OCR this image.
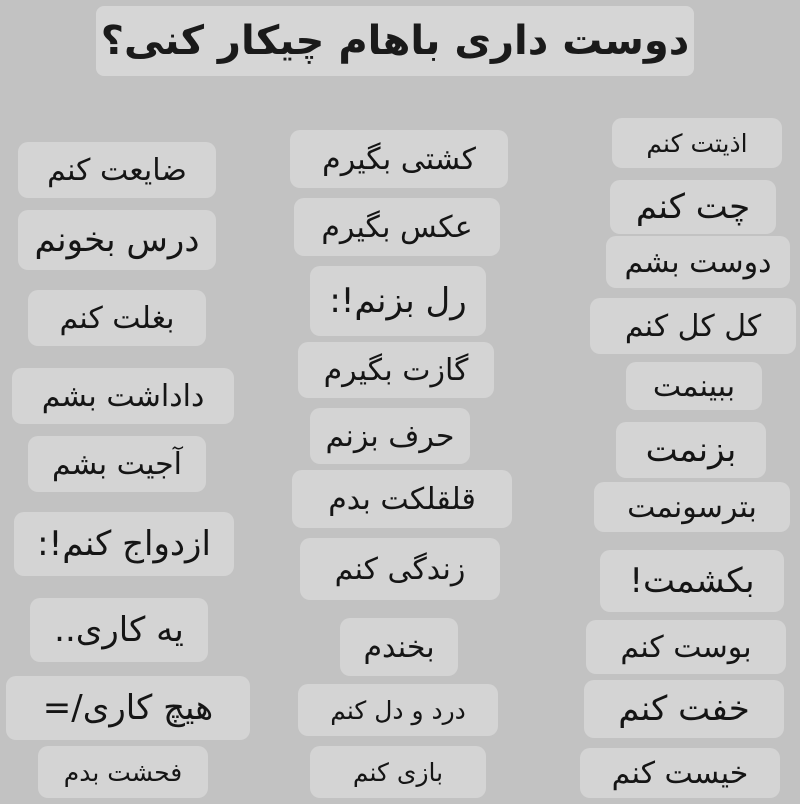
دوست داری باهام چیکار کنی؟
ضایعت کنم
درس بخونم
بغلت کنم
داداشت بشم
آجیت بشم
ازدواج کنم!:
یه کاری..
هیچ کاری/=
فحشت بدم
کشتی بگیرم
عکس بگیرم
رل بزنم!:
گازت بگیرم
حرف بزنم
قلقلکت بدم
زندگی کنم
بخندم
درد و دل کنم
بازی کنم
اذیتت کنم
چت کنم
دوست بشم
کل کل کنم
ببینمت
بزنمت
بترسونمت
بکشمت!
بوست کنم
خفت کنم
خیست کنم
